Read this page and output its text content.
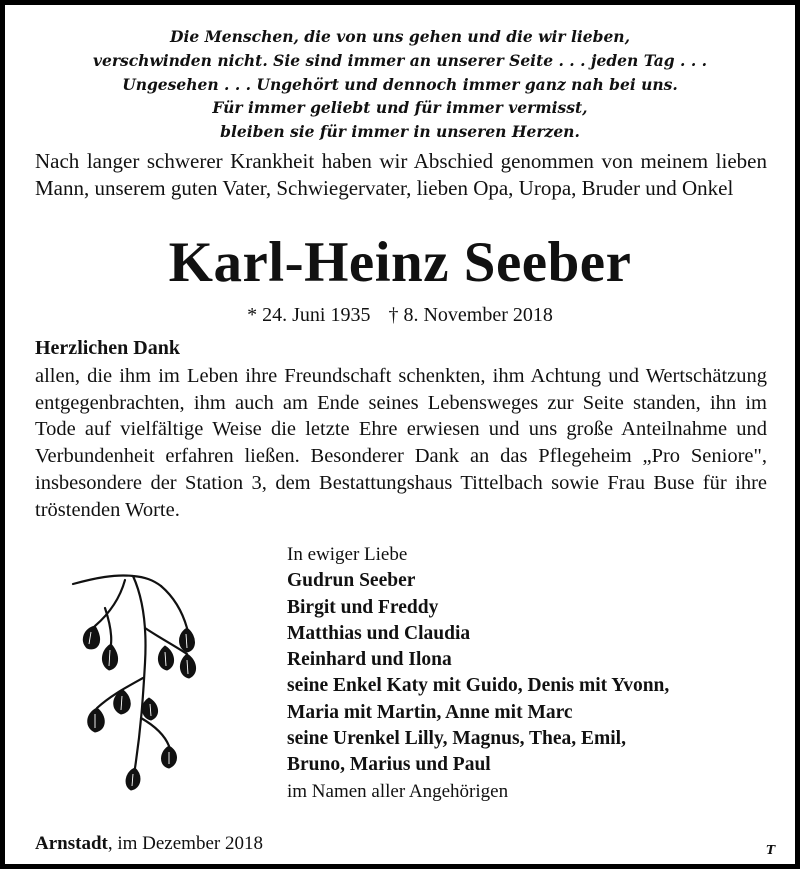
Die Menschen, die von uns gehen und die wir lieben,
verschwinden nicht. Sie sind immer an unserer Seite . . . jeden Tag . . .
Ungesehen . . . Ungehört und dennoch immer ganz nah bei uns.
Für immer geliebt und für immer vermisst,
bleiben sie für immer in unseren Herzen.
Nach langer schwerer Krankheit haben wir Abschied genommen von meinem lieben Mann, unserem guten Vater, Schwiegervater, lieben Opa, Uropa, Bruder und Onkel
Karl-Heinz Seeber
* 24. Juni 1935 † 8. November 2018
Herzlichen Dank
allen, die ihm im Leben ihre Freundschaft schenkten, ihm Achtung und Wertschätzung entgegenbrachten, ihm auch am Ende seines Lebensweges zur Seite standen, ihn im Tode auf vielfältige Weise die letzte Ehre erwiesen und uns große Anteilnahme und Verbundenheit erfahren ließen. Besonderer Dank an das Pflegeheim „Pro Seniore", insbesondere der Station 3, dem Bestattungshaus Tittelbach sowie Frau Buse für ihre tröstenden Worte.
In ewiger Liebe
Gudrun Seeber
Birgit und Freddy
Matthias und Claudia
Reinhard und Ilona
seine Enkel Katy mit Guido, Denis mit Yvonn,
Maria mit Martin, Anne mit Marc
seine Urenkel Lilly, Magnus, Thea, Emil,
Bruno, Marius und Paul
im Namen aller Angehörigen
Arnstadt, im Dezember 2018	T
